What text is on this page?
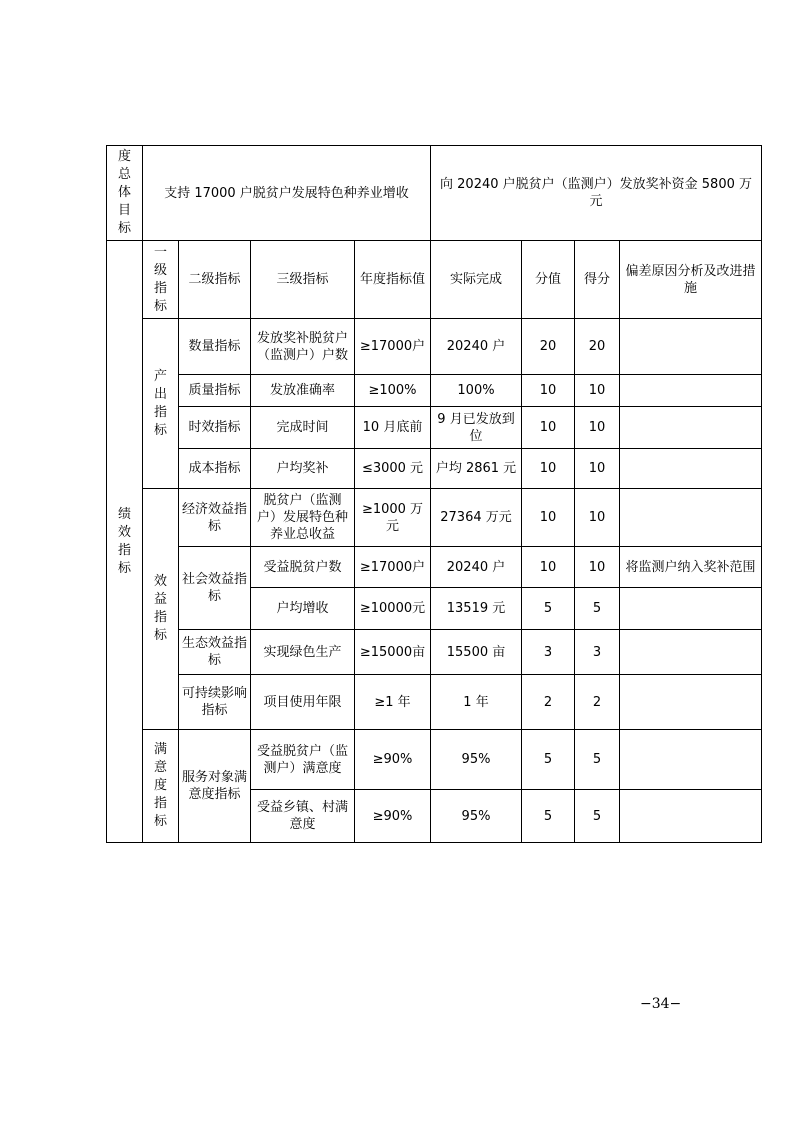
度总体目标	支持 17000 户脱贫户发展特色种养业增收				向 20240 户脱贫户（监测户）发放奖补资金 5800 万元			

绩效指标	一级指标	二级指标	三级指标	年度指标值	实际完成	分值	得分	偏差原因分析及改进措施

	产出指标	数量指标	发放奖补脱贫户（监测户）户数	≥17000户	20240 户	20	20	
		质量指标	发放准确率	≥100%	100%	10	10	
		时效指标	完成时间	10 月底前	9 月已发放到位	10	10	
		成本指标	户均奖补	≤3000 元	户均 2861 元	10	10	

	效益指标	经济效益指标	脱贫户（监测户）发展特色种养业总收益	≥1000 万元	27364 万元	10	10	
		社会效益指标	受益脱贫户数	≥17000户	20240 户	10	10	将监测户纳入奖补范围
			户均增收	≥10000元	13519 元	5	5	
		生态效益指标	实现绿色生产	≥15000亩	15500 亩	3	3	
		可持续影响指标	项目使用年限	≥1 年	1 年	2	2	

	满意度指标	服务对象满意度指标	受益脱贫户（监测户）满意度	≥90%	95%	5	5	
			受益乡镇、村满意度	≥90%	95%	5	5	
−34−
